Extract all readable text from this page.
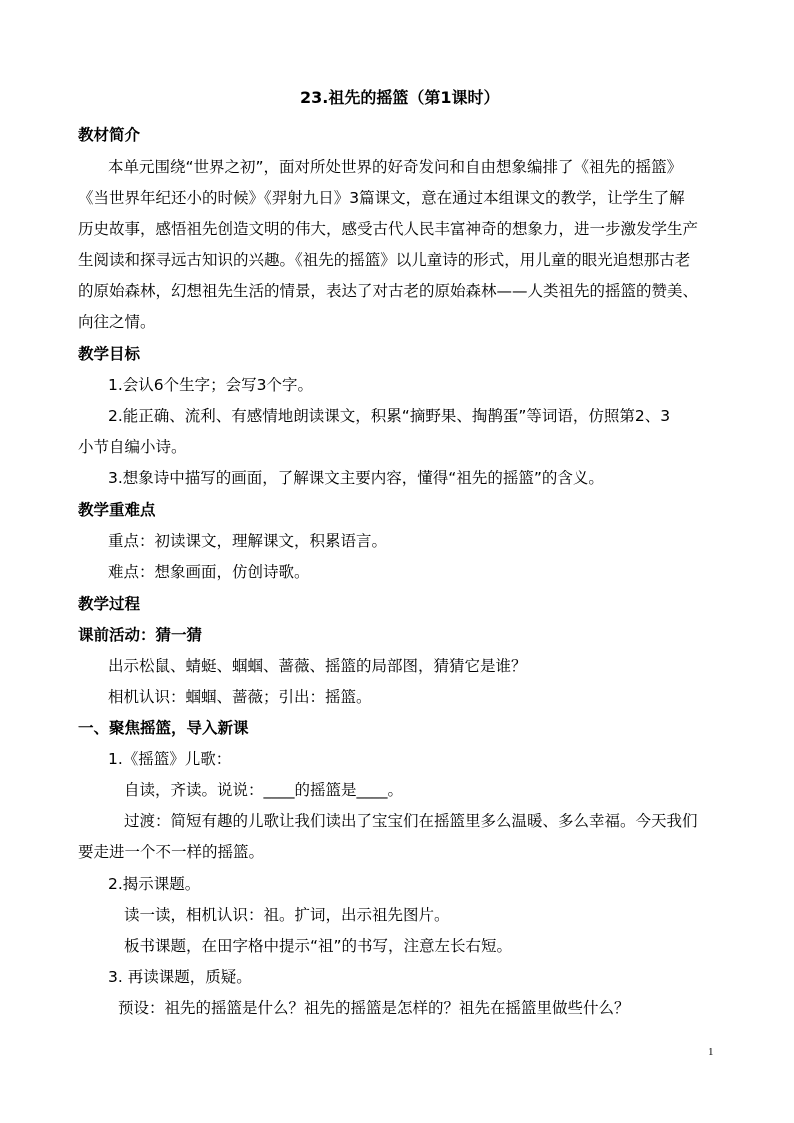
23.祖先的摇篮（第1课时）
教材简介
本单元围绕“世界之初”，面对所处世界的好奇发问和自由想象编排了《祖先的摇篮》
《当世界年纪还小的时候》《羿射九日》3篇课文，意在通过本组课文的教学，让学生了解
历史故事，感悟祖先创造文明的伟大，感受古代人民丰富神奇的想象力，进一步激发学生产
生阅读和探寻远古知识的兴趣。《祖先的摇篮》以儿童诗的形式，用儿童的眼光追想那古老
的原始森林，幻想祖先生活的情景，表达了对古老的原始森林——人类祖先的摇篮的赞美、
向往之情。
教学目标
1.会认6个生字；会写3个字。
2.能正确、流利、有感情地朗读课文，积累“摘野果、掏鹊蛋”等词语，仿照第2、3
小节自编小诗。
3.想象诗中描写的画面，了解课文主要内容，懂得“祖先的摇篮”的含义。
教学重难点
重点：初读课文，理解课文，积累语言。
难点：想象画面，仿创诗歌。
教学过程
课前活动：猜一猜
出示松鼠、蜻蜓、蝈蝈、蔷薇、摇篮的局部图，猜猜它是谁？
相机认识：蝈蝈、蔷薇；引出：摇篮。
一、聚焦摇篮，导入新课
1.《摇篮》儿歌：
自读，齐读。说说：____的摇篮是____。
过渡：简短有趣的儿歌让我们读出了宝宝们在摇篮里多么温暖、多么幸福。今天我们
要走进一个不一样的摇篮。
2.揭示课题。
读一读，相机认识：祖。扩词，出示祖先图片。
板书课题，在田字格中提示“祖”的书写，注意左长右短。
3. 再读课题，质疑。
预设：祖先的摇篮是什么？祖先的摇篮是怎样的？祖先在摇篮里做些什么？
1
